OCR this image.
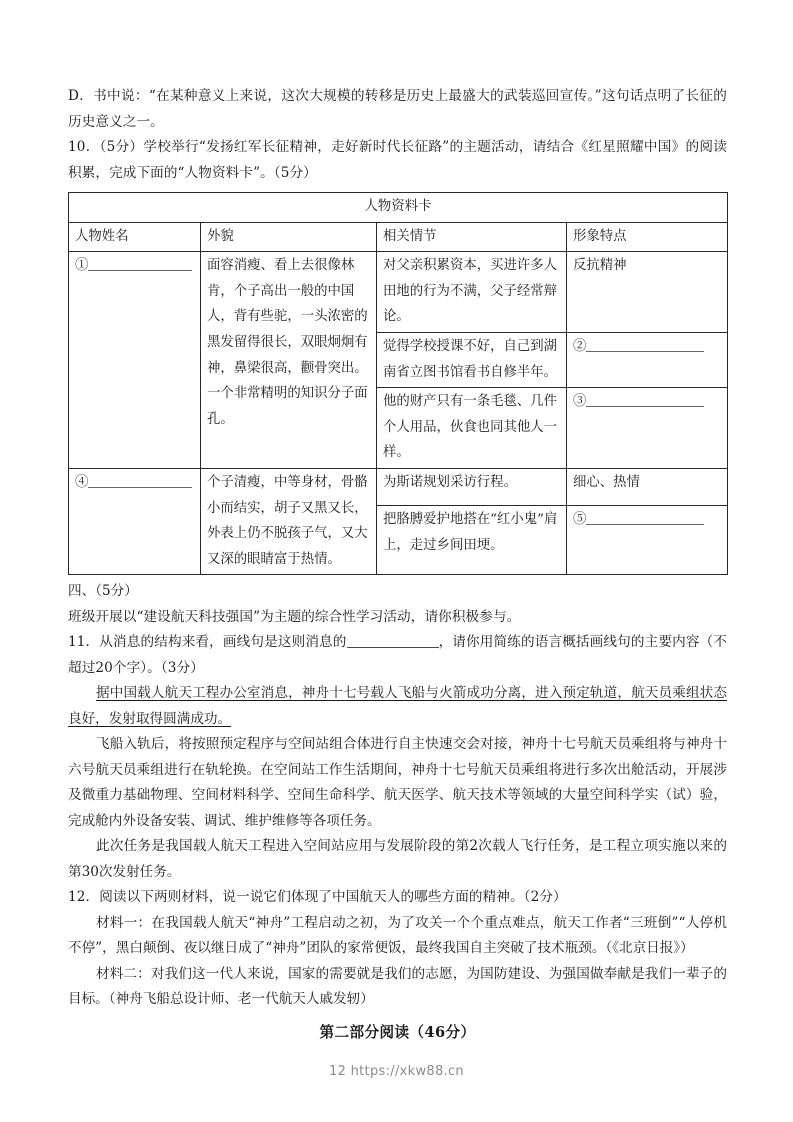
D．书中说：“在某种意义上来说，这次大规模的转移是历史上最盛大的武装巡回宣传。”这句话点明了长征的历史意义之一。

10．（5分）学校举行“发扬红军长征精神，走好新时代长征路”的主题活动，请结合《红星照耀中国》的阅读积累，完成下面的“人物资料卡”。（5分）

人物资料卡			
人物姓名	外貌	相关情节	形象特点
①	面容消瘦、看上去很像林肯，个子高出一般的中国人，背有些驼，一头浓密的黑发留得很长，双眼炯炯有神，鼻梁很高，颧骨突出。一个非常精明的知识分子面孔。	对父亲积累资本，买进许多人田地的行为不满，父子经常辩论。	反抗精神
		觉得学校授课不好，自己到湖南省立图书馆看书自修半年。	②
		他的财产只有一条毛毯、几件个人用品，伙食也同其他人一样。	③
④	个子清瘦，中等身材，骨骼小而结实，胡子又黑又长，外表上仍不脱孩子气，又大又深的眼睛富于热情。	为斯诺规划采访行程。	细心、热情
		把胳膊爱护地搭在“红小鬼”肩上，走过乡间田埂。	⑤

四、（5分）

班级开展以“建设航天科技强国”为主题的综合性学习活动，请你积极参与。

11．从消息的结构来看，画线句是这则消息的	，请你用简练的语言概括画线句的主要内容（不超过20个字）。（3分）

据中国载人航天工程办公室消息，神舟十七号载人飞船与火箭成功分离，进入预定轨道，航天员乘组状态良好，发射取得圆满成功。

飞船入轨后，将按照预定程序与空间站组合体进行自主快速交会对接，神舟十七号航天员乘组将与神舟十六号航天员乘组进行在轨轮换。在空间站工作生活期间，神舟十七号航天员乘组将进行多次出舱活动，开展涉及微重力基础物理、空间材料科学、空间生命科学、航天医学、航天技术等领域的大量空间科学实（试）验，完成舱内外设备安装、调试、维护维修等各项任务。

此次任务是我国载人航天工程进入空间站应用与发展阶段的第2次载人飞行任务，是工程立项实施以来的第30次发射任务。

12．阅读以下两则材料，说一说它们体现了中国航天人的哪些方面的精神。（2分）

材料一：在我国载人航天“神舟”工程启动之初，为了攻关一个个重点难点，航天工作者“三班倒”“人停机不停”，黑白颠倒、夜以继日成了“神舟”团队的家常便饭，最终我国自主突破了技术瓶颈。（《北京日报》）

材料二：对我们这一代人来说，国家的需要就是我们的志愿，为国防建设、为强国做奉献是我们一辈子的目标。（神舟飞船总设计师、老一代航天人戚发轫）

第二部分阅读（46分）

12 https://xkw88.cn
